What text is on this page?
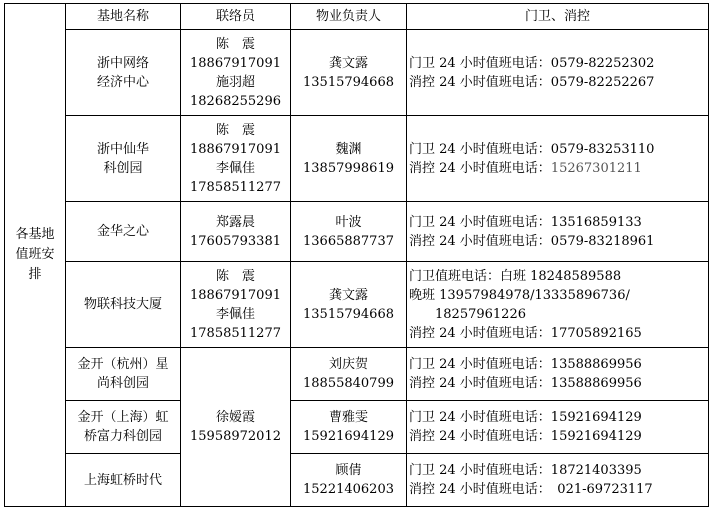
各基地
值班安
排	基地名称	联络员	物业负责人	门卫、消控

	浙中网络
经济中心	陈　震
18867917091
施羽超
18268255296	龚文露
13515794668	门卫 24 小时值班电话：0579-82252302
消控 24 小时值班电话：0579-82252267

	浙中仙华
科创园	陈　震
18867917091
李佩佳
17858511277	魏渊
13857998619	门卫 24 小时值班电话：0579-83253110
消控 24 小时值班电话：15267301211

	金华之心	郑露晨
17605793381	叶波
13665887737	门卫 24 小时值班电话：13516859133
消控 24 小时值班电话：0579-83218961

	物联科技大厦	陈　震
18867917091
李佩佳
17858511277	龚文露
13515794668	门卫值班电话：白班 18248589588
晚班 13957984978/13335896736/
　　18257961226
消控 24 小时值班电话：17705892165

	金开（杭州）星
尚科创园	徐嫒霞
15958972012	刘庆贺
18855840799	门卫 24 小时值班电话：13588869956
消控 24 小时值班电话：13588869956

	金开（上海）虹
桥富力科创园		曹雅雯
15921694129	门卫 24 小时值班电话：15921694129
消控 24 小时值班电话：15921694129

	上海虹桥时代		顾倩
15221406203	门卫 24 小时值班电话：18721403395
消控 24 小时值班电话：　021-69723117
